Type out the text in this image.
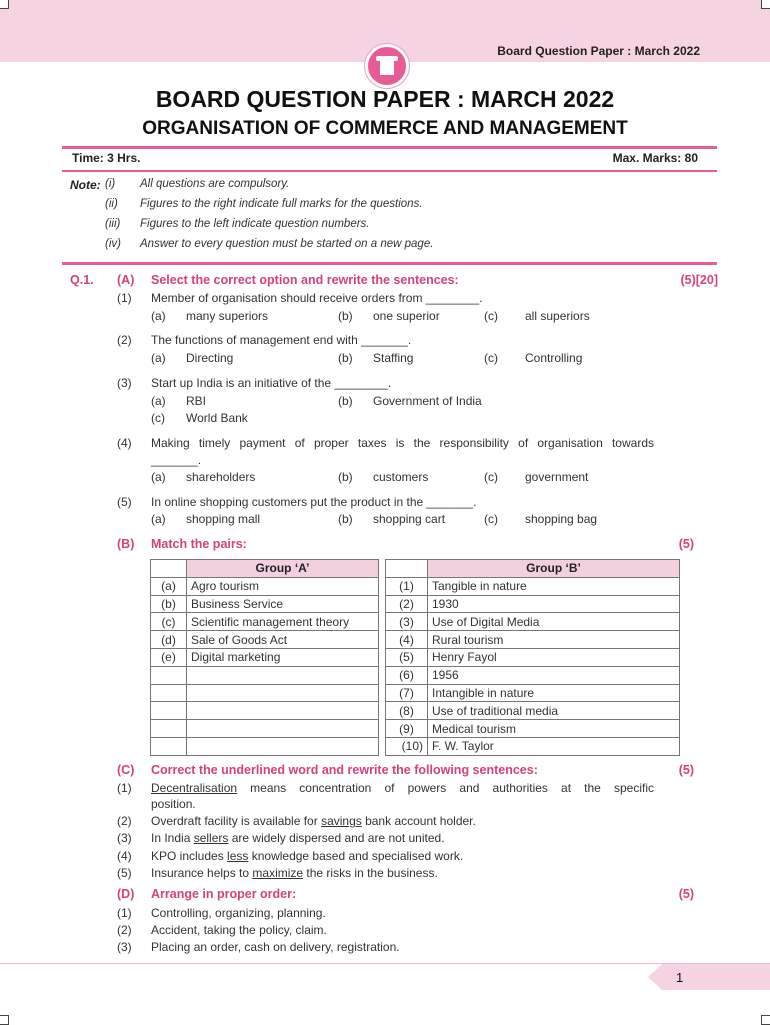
Board Question Paper : March 2022
BOARD QUESTION PAPER : MARCH 2022
ORGANISATION OF COMMERCE AND MANAGEMENT
Time: 3 Hrs.	Max. Marks: 80
Note: (i) All questions are compulsory.
(ii) Figures to the right indicate full marks for the questions.
(iii) Figures to the left indicate question numbers.
(iv) Answer to every question must be started on a new page.
Q.1. (A) Select the correct option and rewrite the sentences:	(5)[20]
(1) Member of organisation should receive orders from ________.
(a) many superiors	(b) one superior	(c) all superiors
(2) The functions of management end with _______.
(a) Directing	(b) Staffing	(c) Controlling
(3) Start up India is an initiative of the ________.
(a) RBI	(b) Government of India
(c) World Bank
(4) Making timely payment of proper taxes is the responsibility of organisation towards
_______.
(a) shareholders	(b) customers	(c) government
(5) In online shopping customers put the product in the _______.
(a) shopping mall	(b) shopping cart	(c) shopping bag
(B) Match the pairs:	(5)
	Group ‘A’			Group ‘B’
(a)	Agro tourism		(1)	Tangible in nature
(b)	Business Service		(2)	1930
(c)	Scientific management theory		(3)	Use of Digital Media
(d)	Sale of Goods Act		(4)	Rural tourism
(e)	Digital marketing		(5)	Henry Fayol
			(6)	1956
			(7)	Intangible in nature
			(8)	Use of traditional media
			(9)	Medical tourism
			(10)	F. W. Taylor
(C) Correct the underlined word and rewrite the following sentences:	(5)
(1) Decentralisation means concentration of powers and authorities at the specific
position.
(2) Overdraft facility is available for savings bank account holder.
(3) In India sellers are widely dispersed and are not united.
(4) KPO includes less knowledge based and specialised work.
(5) Insurance helps to maximize the risks in the business.
(D) Arrange in proper order:	(5)
(1) Controlling, organizing, planning.
(2) Accident, taking the policy, claim.
(3) Placing an order, cash on delivery, registration.
1
